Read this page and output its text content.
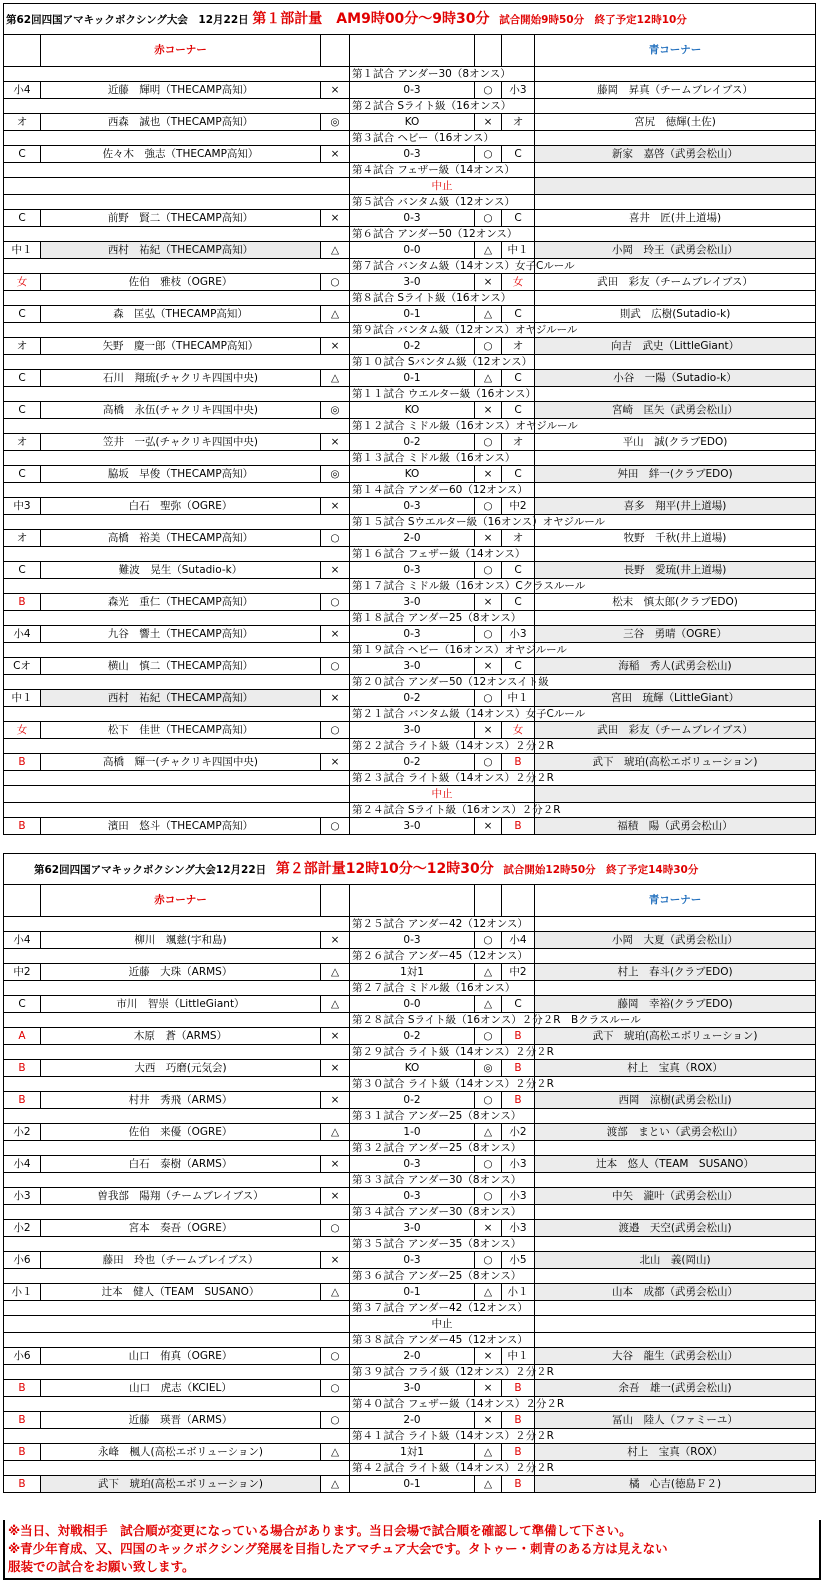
第62回四国アマキックボクシング大会　12月22日 第１部計量　AM9時00分～9時30分 試合開始9時50分　終了予定12時10分						
	赤コーナー					青コーナー
			第１試合 アンダー30（8オンス）			
小4	近藤　輝明（THECAMP高知）	×	0-3	○	小3	藤岡　昇真（チームブレイブス）
			第２試合 Sライト級（16オンス）			
オ	西森　誠也（THECAMP高知）	◎	KO	×	オ	宮尻　徳輝(土佐)
			第３試合 ヘビー（16オンス）			
C	佐々木　強志（THECAMP高知）	×	0-3	○	C	新家　嘉啓（武勇会松山）
			第４試合 フェザー級（14オンス）			
			中止			
			第５試合 バンタム級（12オンス）			
C	前野　賢二（THECAMP高知）	×	0-3	○	C	喜井　匠(井上道場)
			第６試合 アンダー50（12オンス）			
中１	西村　祐紀（THECAMP高知）	△	0-0	△	中１	小岡　玲王（武勇会松山）
			第７試合 バンタム級（14オンス）女子Cルール			
女	佐伯　雅枝（OGRE）	○	3-0	×	女	武田　彩友（チームブレイブス）
			第８試合 Sライト級（16オンス）			
C	森　匡弘（THECAMP高知）	△	0-1	△	C	則武　広樹(Sutadio-k)
			第９試合 バンタム級（12オンス）オヤジルール			
オ	矢野　慶一郎（THECAMP高知）	×	0-2	○	オ	向吉　武史（LittleGiant）
			第１０試合 Sバンタム級（12オンス）			
C	石川　翔琉(チャクリキ四国中央)	△	0-1	△	C	小谷　一陽（Sutadio-k）
			第１１試合 ウエルター級（16オンス）			
C	高橋　永伍(チャクリキ四国中央)	◎	KO	×	C	宮崎　匡矢（武勇会松山）
			第１２試合 ミドル級（16オンス）オヤジルール			
オ	笠井　一弘(チャクリキ四国中央)	×	0-2	○	オ	平山　誠(クラブEDO)
			第１３試合 ミドル級（16オンス）			
C	脇坂　早俊（THECAMP高知）	◎	KO	×	C	舛田　絆一(クラブEDO)
			第１４試合 アンダー60（12オンス）			
中3	白石　聖弥（OGRE）	×	0-3	○	中2	喜多　翔平(井上道場)
			第１５試合 Sウエルター級（16オンス）オヤジルール			
オ	高橋　裕美（THECAMP高知）	○	2-0	×	オ	牧野　千秋(井上道場)
			第１６試合 フェザー級（14オンス）			
C	難波　晃生（Sutadio-k）	×	0-3	○	C	長野　愛琉(井上道場)
			第１７試合 ミドル級（16オンス）Cクラスルール			
B	森光　重仁（THECAMP高知）	○	3-0	×	C	松末　慎太郎(クラブEDO)
			第１８試合 アンダー25（8オンス）			
小4	九谷　響土（THECAMP高知）	×	0-3	○	小3	三谷　勇晴（OGRE）
			第１９試合 ヘビー（16オンス）オヤジルール			
Cオ	横山　慎二（THECAMP高知）	○	3-0	×	C	海稲　秀人(武勇会松山)
			第２０試合 アンダー50（12オンスイト級			
中１	西村　祐紀（THECAMP高知）	×	0-2	○	中１	宮田　琉輝（LittleGiant）
			第２１試合 バンタム級（14オンス）女子Cルール			
女	松下　佳世（THECAMP高知）	○	3-0	×	女	武田　彩友（チームブレイブス）
			第２２試合 ライト級（14オンス）２分２R			
B	高橋　輝一(チャクリキ四国中央)	×	0-2	○	B	武下　琥珀(高松エボリューション)
			第２３試合 ライト級（14オンス）２分２R			
			中止			
			第２４試合 Sライト級（16オンス）２分２R			
B	濱田　悠斗（THECAMP高知）	○	3-0	×	B	福積　陽（武勇会松山）
第62回四国アマキックボクシング大会12月22日 第２部計量12時10分～12時30分 試合開始12時50分　終了予定14時30分						
	赤コーナー					青コーナー
			第２５試合 アンダー42（12オンス）			
小4	柳川　颯慈(宇和島)	×	0-3	○	小4	小岡　大夏（武勇会松山）
			第２６試合 アンダー45（12オンス）			
中2	近藤　大珠（ARMS）	△	1対1	△	中2	村上　春斗(クラブEDO)
			第２７試合 ミドル級（16オンス）			
C	市川　智崇（LittleGiant）	△	0-0	△	C	藤岡　幸裕(クラブEDO)
			第２８試合 Sライト級（16オンス）２分２R　Bクラスルール			
A	木原　蒼（ARMS）	×	0-2	○	B	武下　琥珀(高松エボリューション)
			第２９試合 ライト級（14オンス）２分２R			
B	大西　巧磨(元気会)	×	KO	◎	B	村上　宝真（ROX）
			第３０試合 ライト級（14オンス）２分２R			
B	村井　秀飛（ARMS）	×	0-2	○	B	西岡　涼樹(武勇会松山)
			第３１試合 アンダー25（8オンス）			
小2	佐伯　来優（OGRE）	△	1-0	△	小2	渡部　まとい（武勇会松山）
			第３２試合 アンダー25（8オンス）			
小4	白石　泰樹（ARMS）	×	0-3	○	小3	辻本　悠人（TEAM　SUSANO）
			第３３試合 アンダー30（8オンス）			
小3	曽我部　陽翔（チームブレイブス）	×	0-3	○	小3	中矢　瀧叶（武勇会松山）
			第３４試合 アンダー30（8オンス）			
小2	宮本　奏吾（OGRE）	○	3-0	×	小3	渡邉　天空(武勇会松山)
			第３５試合 アンダー35（8オンス）			
小6	藤田　玲也（チームブレイブス）	×	0-3	○	小5	北山　義(岡山)
			第３６試合 アンダー25（8オンス）			
小１	辻本　健人（TEAM　SUSANO）	△	0-1	△	小１	山本　成都（武勇会松山）
			第３７試合 アンダー42（12オンス）			
			中止			
			第３８試合 アンダー45（12オンス）			
小6	山口　侑真（OGRE）	○	2-0	×	中１	大谷　龍生（武勇会松山）
			第３９試合 フライ級（12オンス）２分２R			
B	山口　虎志（KCIEL）	○	3-0	×	B	余吾　雄一(武勇会松山)
			第４０試合 フェザー級（14オンス）２分２R			
B	近藤　瑛晋（ARMS）	○	2-0	×	B	冨山　陸人（ファミーユ）
			第４１試合 ライト級（14オンス）２分２R			
B	永峰　楓人(高松エボリューション)	△	1対1	△	B	村上　宝真（ROX）
			第４２試合 ライト級（14オンス）２分２R			
B	武下　琥珀(高松エボリューション)	△	0-1	△	B	橘　心吉(徳島Ｆ２)
※当日、対戦相手　試合順が変更になっている場合があります。当日会場で試合順を確認して準備して下さい。
※青少年育成、又、四国のキックボクシング発展を目指したアマチュア大会です。タトゥー・刺青のある方は見えない
服装での試合をお願い致します。
